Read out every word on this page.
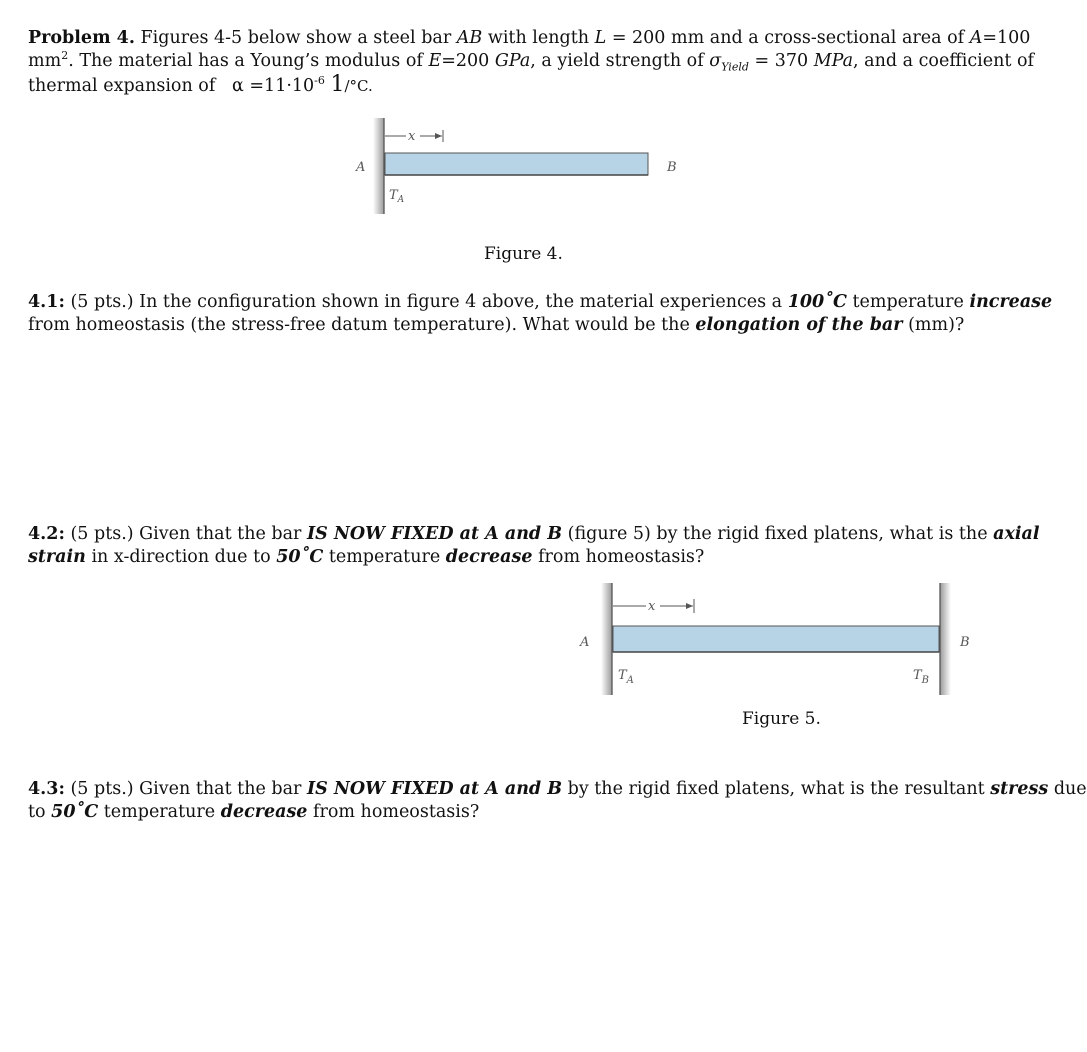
Problem 4. Figures 4-5 below show a steel bar AB with length L = 200 mm and a cross-sectional area of A=100
$mm^2$. The material has a Young’s modulus of E=200 GPa, a yield strength of $\sigma_{Yield} = 370$ MPa, and a coefficient of
thermal expansion of $\alpha =11\cdot 10^{-6}$ 1/°C.
x
A	B
$T_A$
Figure 4.
4.1: (5 pts.) In the configuration shown in figure 4 above, the material experiences a 100˚C temperature increase
from homeostasis (the stress-free datum temperature). What would be the elongation of the bar (mm)?
4.2: (5 pts.) Given that the bar IS NOW FIXED at A and B (figure 5) by the rigid fixed platens, what is the axial
strain in x-direction due to 50˚C temperature decrease from homeostasis?
x
A	B
$T_A$	$T_B$
Figure 5.
4.3: (5 pts.) Given that the bar IS NOW FIXED at A and B by the rigid fixed platens, what is the resultant stress due
to 50˚C temperature decrease from homeostasis?
